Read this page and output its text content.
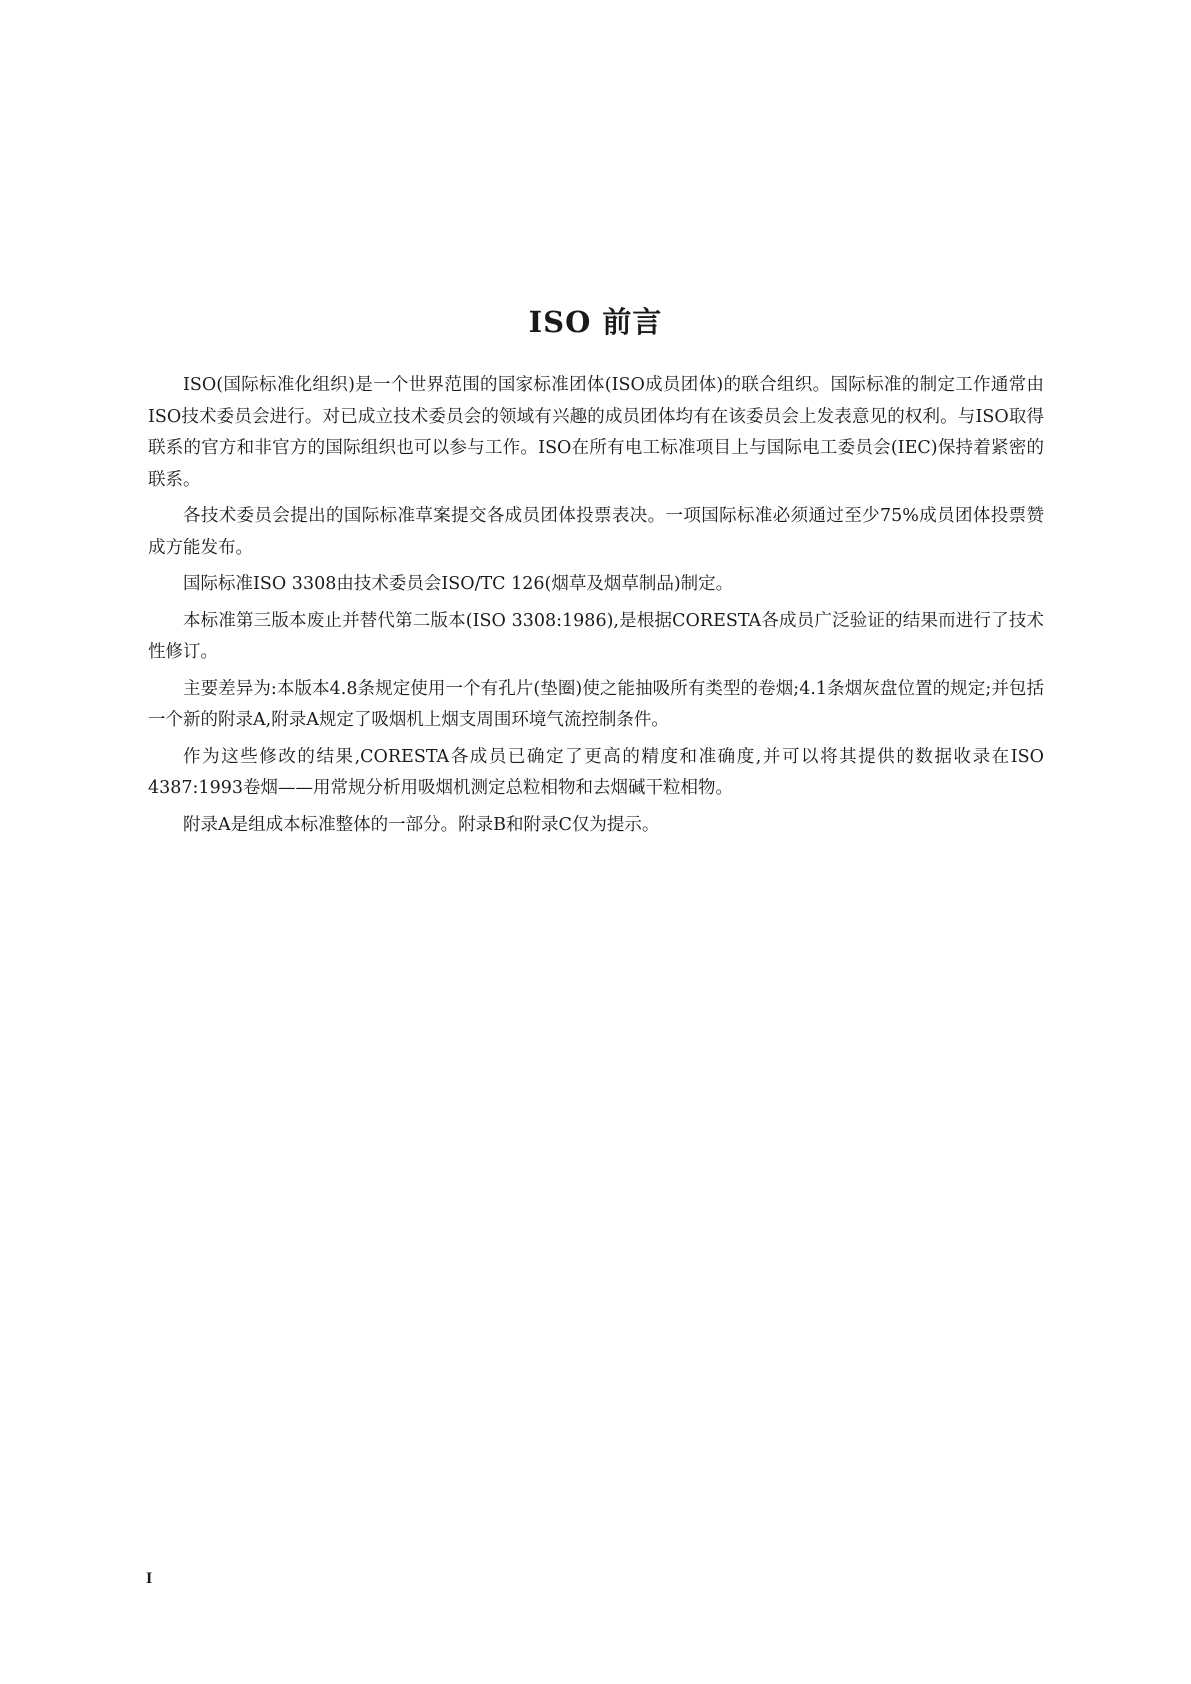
ISO 前言

ISO(国际标准化组织)是一个世界范围的国家标准团体(ISO成员团体)的联合组织。国际标准的制定工作通常由ISO技术委员会进行。对已成立技术委员会的领域有兴趣的成员团体均有在该委员会上发表意见的权利。与ISO取得联系的官方和非官方的国际组织也可以参与工作。ISO在所有电工标准项目上与国际电工委员会(IEC)保持着紧密的联系。

各技术委员会提出的国际标准草案提交各成员团体投票表决。一项国际标准必须通过至少75%成员团体投票赞成方能发布。

国际标准ISO 3308由技术委员会ISO/TC 126(烟草及烟草制品)制定。

本标准第三版本废止并替代第二版本(ISO 3308:1986),是根据CORESTA各成员广泛验证的结果而进行了技术性修订。

主要差异为:本版本4.8条规定使用一个有孔片(垫圈)使之能抽吸所有类型的卷烟;4.1条烟灰盘位置的规定;并包括一个新的附录A,附录A规定了吸烟机上烟支周围环境气流控制条件。

作为这些修改的结果,CORESTA各成员已确定了更高的精度和准确度,并可以将其提供的数据收录在ISO 4387:1993卷烟——用常规分析用吸烟机测定总粒相物和去烟碱干粒相物。

附录A是组成本标准整体的一部分。附录B和附录C仅为提示。

I
